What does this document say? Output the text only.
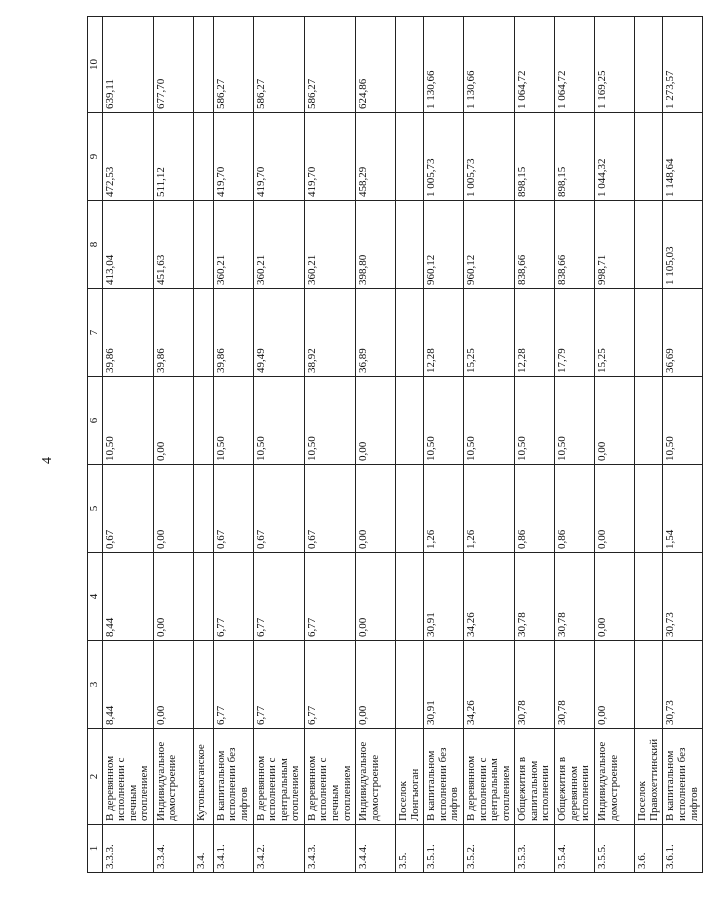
4
1	2	3	4	5	6	7	8	9	10
3.3.3.	В деревянном исполнении с печным отоплением	8,44	8,44	0,67	10,50	39,86	413,04	472,53	639,11
3.3.4.	Индивидуальное домостроение	0,00	0,00	0,00	0,00	39,86	451,63	511,12	677,70
3.4.	Кутопьюганское								
3.4.1.	В капитальном исполнении без лифтов	6,77	6,77	0,67	10,50	39,86	360,21	419,70	586,27
3.4.2.	В деревянном исполнении с центральным отоплением	6,77	6,77	0,67	10,50	49,49	360,21	419,70	586,27
3.4.3.	В деревянном исполнении с печным отоплением	6,77	6,77	0,67	10,50	38,92	360,21	419,70	586,27
3.4.4.	Индивидуальное домостроение	0,00	0,00	0,00	0,00	36,89	398,80	458,29	624,86
3.5.	Поселок Лонгъюган								
3.5.1.	В капитальном исполнении без лифтов	30,91	30,91	1,26	10,50	12,28	960,12	1 005,73	1 130,66
3.5.2.	В деревянном исполнении с центральным отоплением	34,26	34,26	1,26	10,50	15,25	960,12	1 005,73	1 130,66
3.5.3.	Общежития в капитальном исполнении	30,78	30,78	0,86	10,50	12,28	838,66	898,15	1 064,72
3.5.4.	Общежития в деревянном исполнении	30,78	30,78	0,86	10,50	17,79	838,66	898,15	1 064,72
3.5.5.	Индивидуальное домостроение	0,00	0,00	0,00	0,00	15,25	998,71	1 044,32	1 169,25
3.6.	Поселок Правохеттинский								
3.6.1.	В капитальном исполнении без лифтов	30,73	30,73	1,54	10,50	36,69	1 105,03	1 148,64	1 273,57
